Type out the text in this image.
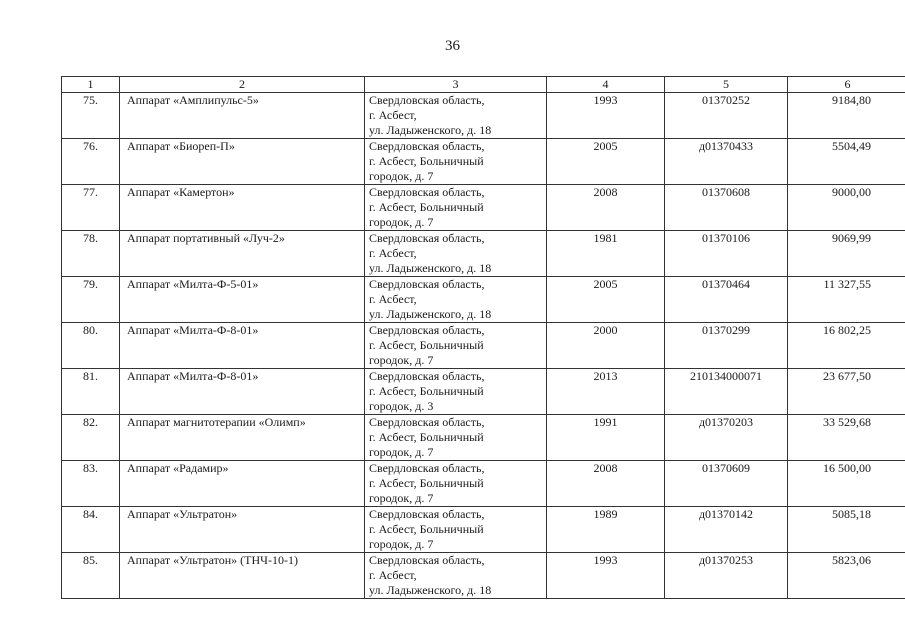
36
1	2	3	4	5	6
75.	Аппарат «Амплипульс-5»	Свердловская область,
г. Асбест,
ул. Ладыженского, д. 18	1993	01370252	9184,80
76.	Аппарат «Биореп-П»	Свердловская область,
г. Асбест, Больничный
городок, д. 7	2005	д01370433	5504,49
77.	Аппарат «Камертон»	Свердловская область,
г. Асбест, Больничный
городок, д. 7	2008	01370608	9000,00
78.	Аппарат портативный «Луч-2»	Свердловская область,
г. Асбест,
ул. Ладыженского, д. 18	1981	01370106	9069,99
79.	Аппарат «Милта-Ф-5-01»	Свердловская область,
г. Асбест,
ул. Ладыженского, д. 18	2005	01370464	11 327,55
80.	Аппарат «Милта-Ф-8-01»	Свердловская область,
г. Асбест, Больничный
городок, д. 7	2000	01370299	16 802,25
81.	Аппарат «Милта-Ф-8-01»	Свердловская область,
г. Асбест, Больничный
городок, д. 3	2013	210134000071	23 677,50
82.	Аппарат магнитотерапии «Олимп»	Свердловская область,
г. Асбест, Больничный
городок, д. 7	1991	д01370203	33 529,68
83.	Аппарат «Радамир»	Свердловская область,
г. Асбест, Больничный
городок, д. 7	2008	01370609	16 500,00
84.	Аппарат «Ультратон»	Свердловская область,
г. Асбест, Больничный
городок, д. 7	1989	д01370142	5085,18
85.	Аппарат «Ультратон» (ТНЧ-10-1)	Свердловская область,
г. Асбест,
ул. Ладыженского, д. 18	1993	д01370253	5823,06
